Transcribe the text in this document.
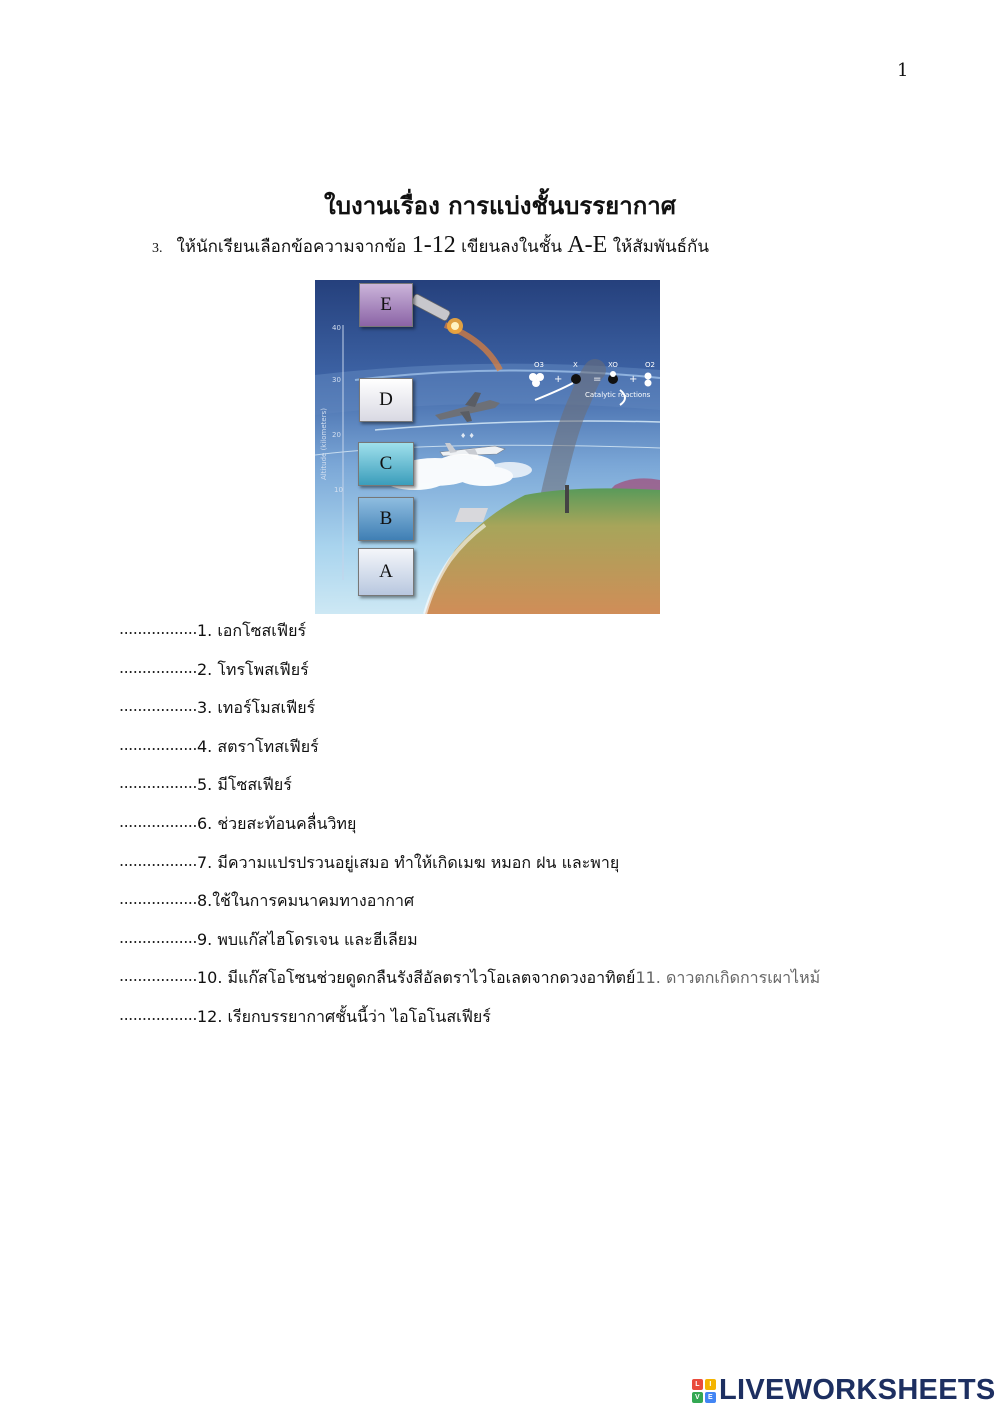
1
ใบงานเรื่อง การแบ่งชั้นบรรยากาศ
3. ให้นักเรียนเลือกข้อความจากข้อ 1-12 เขียนลงในชั้น A-E ให้สัมพันธ์กัน
40
30
20
10
Altitude (kilometers)
O3	X	XO	O2
+	=	+
Catalytic reactions
♦ ♦
E
D
C
B
A
................. 1. เอกโซสเฟียร์
................. 2. โทรโพสเฟียร์
................. 3. เทอร์โมสเฟียร์
................. 4. สตราโทสเฟียร์
................. 5. มีโซสเฟียร์
................. 6. ช่วยสะท้อนคลื่นวิทยุ
................. 7. มีความแปรปรวนอยู่เสมอ ทำให้เกิดเมฆ หมอก ฝน และพายุ
................. 8.ใช้ในการคมนาคมทางอากาศ
................. 9. พบแก๊สไฮโดรเจน และฮีเลียม
................. 10. มีแก๊สโอโซนช่วยดูดกลืนรังสีอัลตราไวโอเลตจากดวงอาทิตย์ 11. ดาวตกเกิดการเผาไหม้
................. 12. เรียกบรรยากาศชั้นนี้ว่า ไอโอโนสเฟียร์
L	I
V	E LIVEWORKSHEETS
